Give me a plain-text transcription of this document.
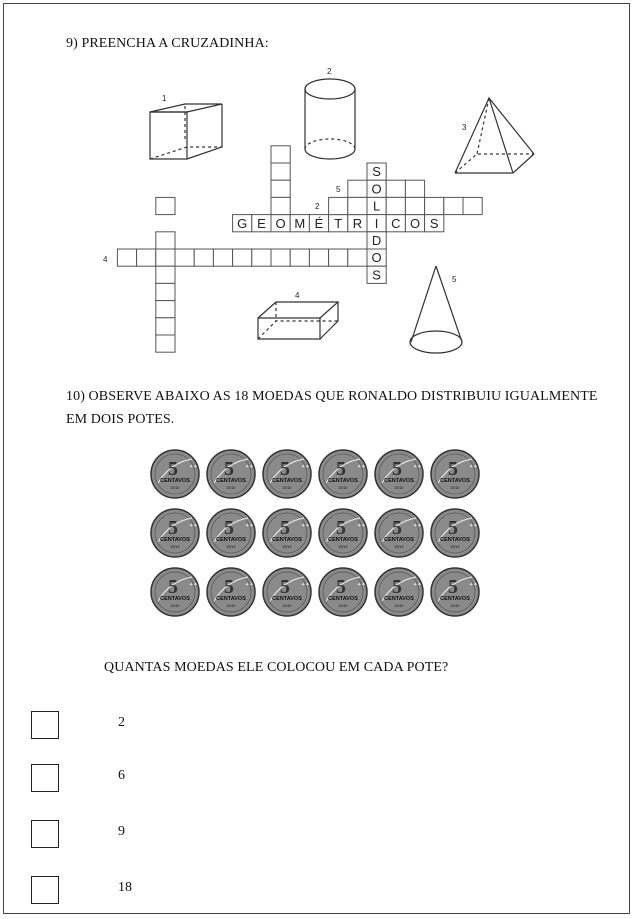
9) PREENCHA A CRUZADINHA:
1
2
3
4
5
2
4
5
S
O
L
I
D
O
S
G E O M É T R C O S
10) OBSERVE ABAIXO AS 18 MOEDAS QUE RONALDO DISTRIBUIU IGUALMENTE
EM DOIS POTES.
5
CENTAVOS
2010
✦✦ 5
CENTAVOS
2010
✦✦ 5
CENTAVOS
2010
✦✦ 5
CENTAVOS
2010
✦✦ 5
CENTAVOS
2010
✦✦ 5
CENTAVOS
2010
✦✦
5
CENTAVOS
2010
✦✦ 5
CENTAVOS
2010
✦✦ 5
CENTAVOS
2010
✦✦ 5
CENTAVOS
2010
✦✦ 5
CENTAVOS
2010
✦✦ 5
CENTAVOS
2010
✦✦
5
CENTAVOS
2010
✦✦ 5
CENTAVOS
2010
✦✦ 5
CENTAVOS
2010
✦✦ 5
CENTAVOS
2010
✦✦ 5
CENTAVOS
2010
✦✦ 5
CENTAVOS
2010
✦✦
QUANTAS MOEDAS ELE COLOCOU EM CADA POTE?
2
6
9
18
